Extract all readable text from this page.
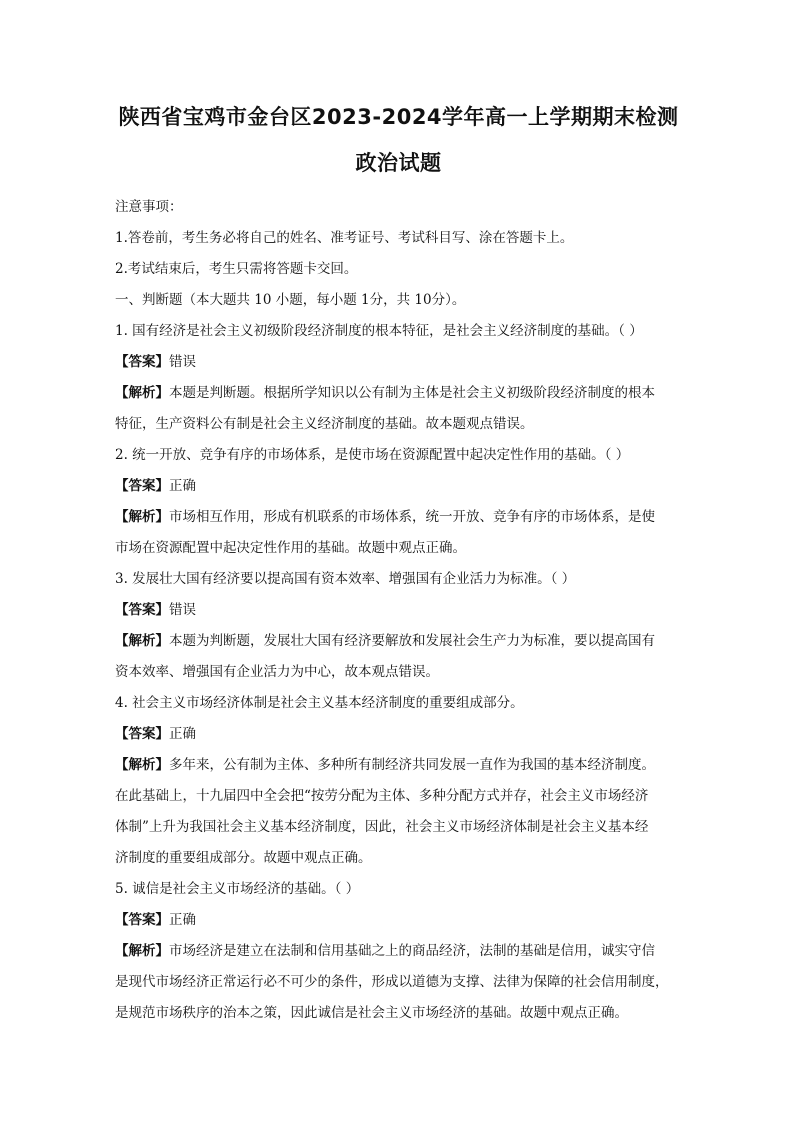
陕西省宝鸡市金台区2023-2024学年高一上学期期末检测
政治试题

注意事项：

1.答卷前，考生务必将自己的姓名、准考证号、考试科目写、涂在答题卡上。

2.考试结束后，考生只需将答题卡交回。

一、判断题（本大题共 10 小题，每小题 1分，共 10分）。

1. 国有经济是社会主义初级阶段经济制度的根本特征，是社会主义经济制度的基础。（ ）

【答案】错误

【解析】本题是判断题。根据所学知识以公有制为主体是社会主义初级阶段经济制度的根本

特征，生产资料公有制是社会主义经济制度的基础。故本题观点错误。

2. 统一开放、竞争有序的市场体系，是使市场在资源配置中起决定性作用的基础。（ ）

【答案】正确

【解析】市场相互作用，形成有机联系的市场体系，统一开放、竞争有序的市场体系，是使

市场在资源配置中起决定性作用的基础。故题中观点正确。

3. 发展壮大国有经济要以提高国有资本效率、增强国有企业活力为标准。（ ）

【答案】错误

【解析】本题为判断题，发展壮大国有经济要解放和发展社会生产力为标准，要以提高国有

资本效率、增强国有企业活力为中心，故本观点错误。

4. 社会主义市场经济体制是社会主义基本经济制度的重要组成部分。

【答案】正确

【解析】多年来，公有制为主体、多种所有制经济共同发展一直作为我国的基本经济制度。

在此基础上，十九届四中全会把“按劳分配为主体、多种分配方式并存，社会主义市场经济

体制”上升为我国社会主义基本经济制度，因此，社会主义市场经济体制是社会主义基本经

济制度的重要组成部分。故题中观点正确。

5. 诚信是社会主义市场经济的基础。（ ）

【答案】正确

【解析】市场经济是建立在法制和信用基础之上的商品经济，法制的基础是信用，诚实守信

是现代市场经济正常运行必不可少的条件，形成以道德为支撑、法律为保障的社会信用制度，

是规范市场秩序的治本之策，因此诚信是社会主义市场经济的基础。故题中观点正确。
